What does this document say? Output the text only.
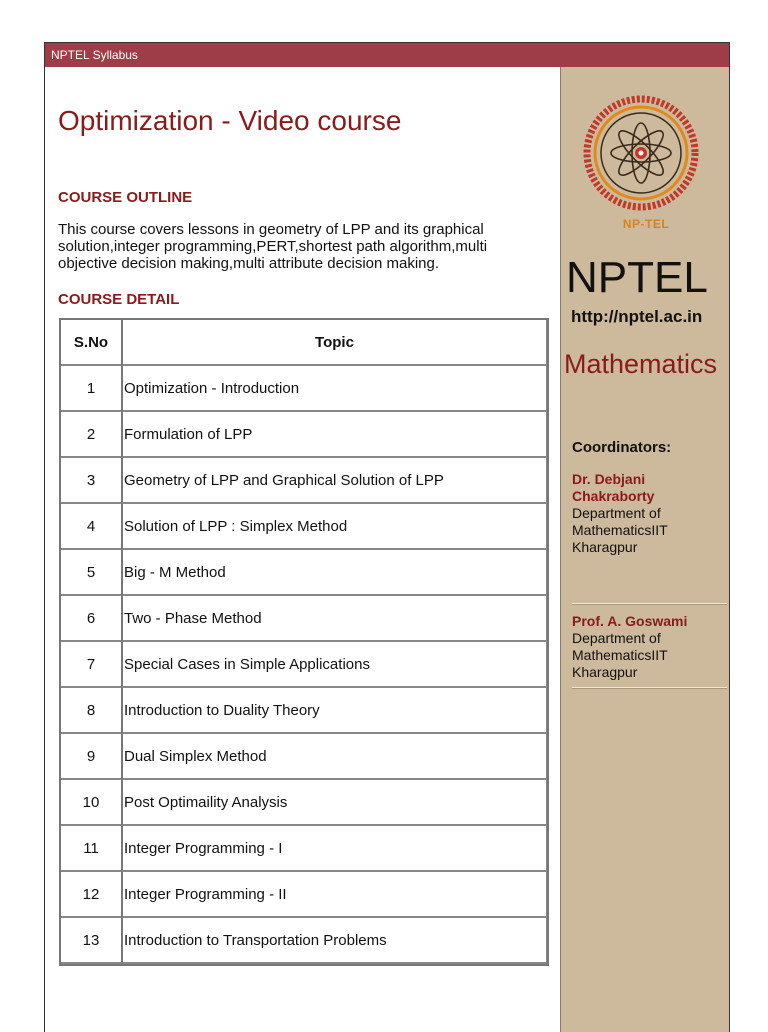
NPTEL Syllabus
Optimization - Video course
COURSE OUTLINE
This course covers lessons in geometry of LPP and its graphical solution,integer programming,PERT,shortest path algorithm,multi objective decision making,multi attribute decision making.
COURSE DETAIL
S.No	Topic
1	Optimization - Introduction
2	Formulation of LPP
3	Geometry of LPP and Graphical Solution of LPP
4	Solution of LPP : Simplex Method
5	Big - M Method
6	Two - Phase Method
7	Special Cases in Simple Applications
8	Introduction to Duality Theory
9	Dual Simplex Method
10	Post Optimaility Analysis
11	Integer Programming - I
12	Integer Programming - II
13	Introduction to Transportation Problems
NP-TEL
NPTEL
http://nptel.ac.in
Mathematics
Coordinators:
Dr. Debjani Chakraborty
Department of MathematicsIIT Kharagpur
Prof. A. Goswami
Department of MathematicsIIT Kharagpur
